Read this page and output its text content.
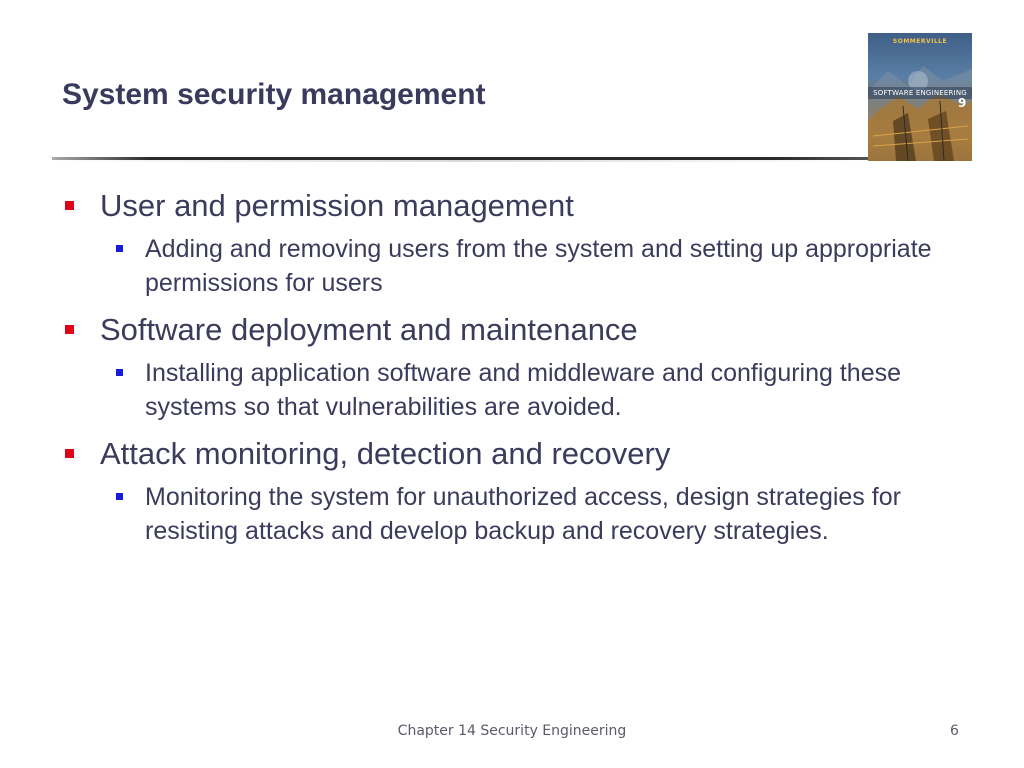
System security management
SOMMERVILLE
SOFTWARE ENGINEERING
9
User and permission management
Adding and removing users from the system and setting up appropriate permissions for users
Software deployment and maintenance
Installing application software and middleware and configuring these systems so that vulnerabilities are avoided.
Attack monitoring, detection and recovery
Monitoring the system for unauthorized access, design strategies for resisting attacks and develop backup and recovery strategies.
Chapter 14 Security Engineering	6
